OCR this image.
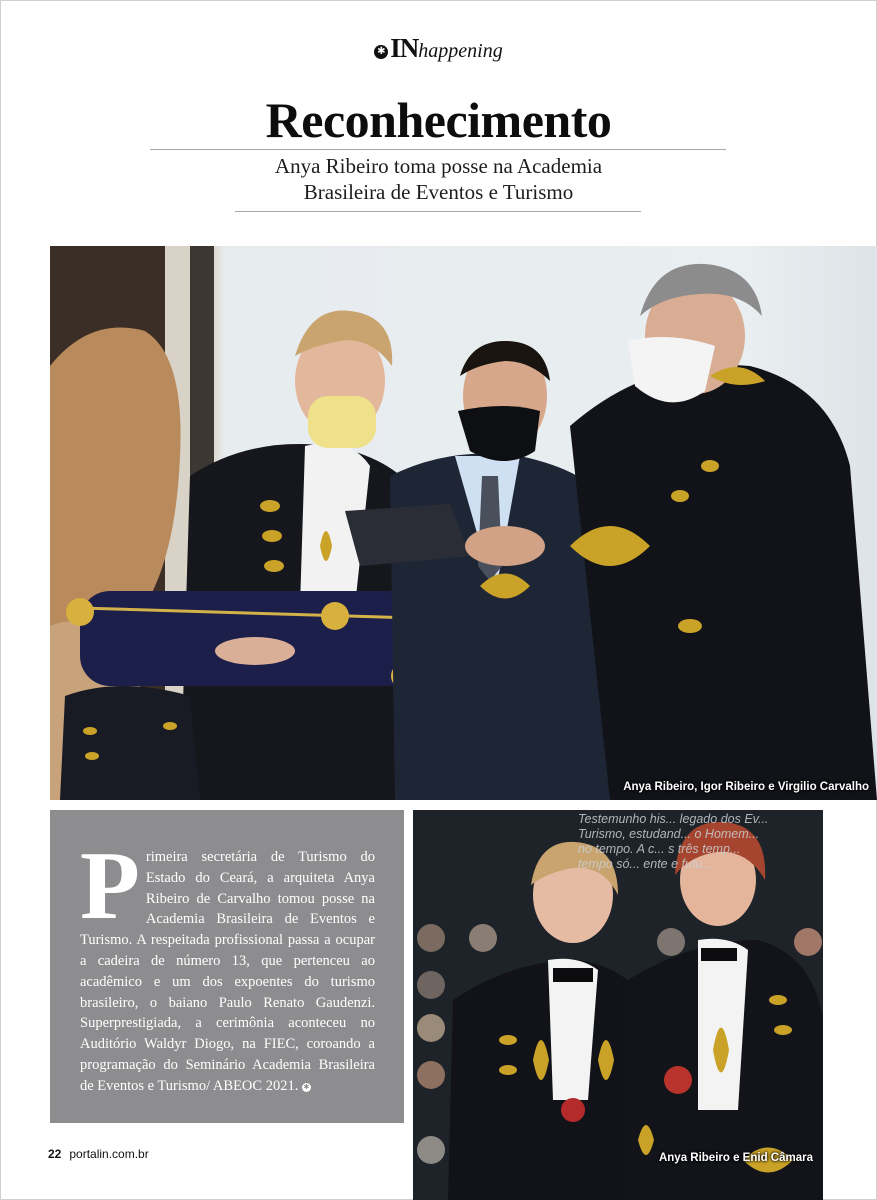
✱ INhappening
Reconhecimento
Anya Ribeiro toma posse na Academia
Brasileira de Eventos e Turismo
Anya Ribeiro, Igor Ribeiro e Virgilio Carvalho
Primeira secretária de Turismo do Estado do Ceará, a arquiteta Anya Ribeiro de Carvalho tomou posse na Academia Brasileira de Eventos e Turismo. A respeitada profissional passa a ocupar a cadeira de número 13, que pertenceu ao acadêmico e um dos expoentes do turismo brasileiro, o baiano Paulo Renato Gaudenzi. Superprestigiada, a cerimônia aconteceu no Auditório Waldyr Diogo, na FIEC, coroando a programação do Seminário Academia Brasileira de Eventos e Turismo/ ABEOC 2021. ✱
Testemunho his... legado dos Ev...
Turismo, estudand... o Homem...
no tempo. A c... s três temp...
tempo só... ente e futu...
Anya Ribeiro e Enid Câmara
22 portalin.com.br
